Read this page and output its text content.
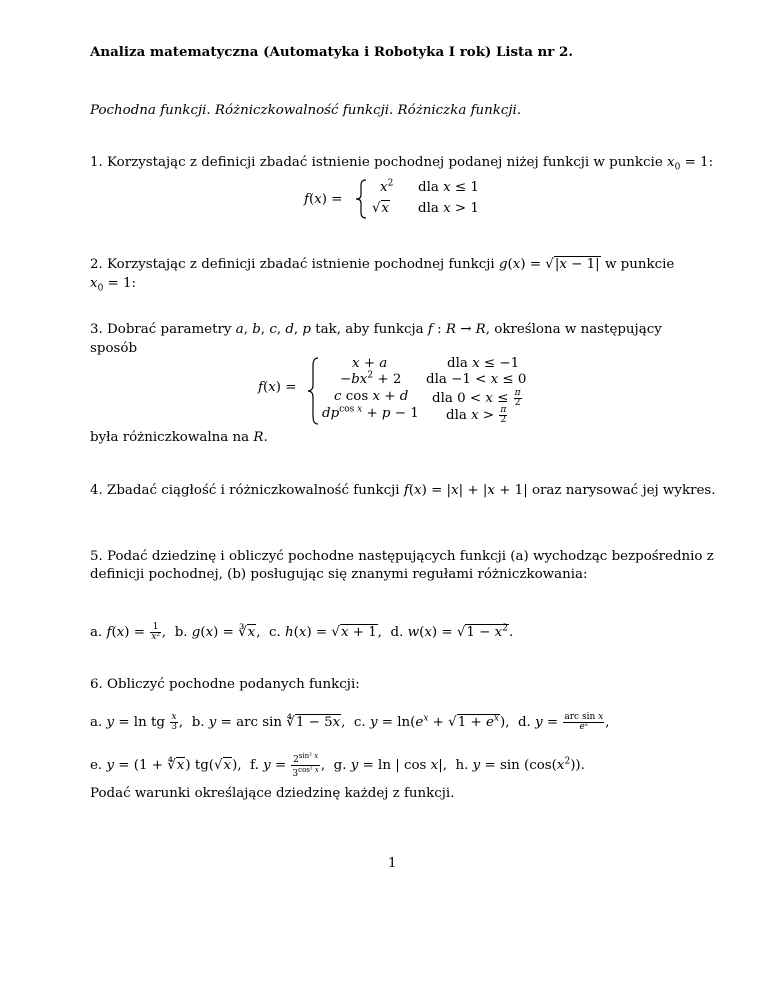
Analiza matematyczna (Automatyka i Robotyka I rok) Lista nr 2.
Pochodna funkcji. Różniczkowalność funkcji. Różniczka funkcji.
1. Korzystając z definicji zbadać istnienie pochodnej podanej niżej funkcji w punkcie $x_0 = 1$:
f(x) =
$x^2$ dla x ≤ 1
√x dla x > 1
2. Korzystając z definicji zbadać istnienie pochodnej funkcji g(x) = √|x − 1| w punkcie
$x_0 = 1$:
3. Dobrać parametry a, b, c, d, p tak, aby funkcja f : R → R, określona w następujący
sposób
f(x) =
x + a	dla x ≤ −1
$-bx^2 + 2$ dla −1 < x ≤ 0
c cos x + d dla $0 < x \le \frac{\pi}{2}$
$dp^{cos x} + p - 1$ dla $x > \frac{\pi}{2}$
była różniczkowalna na R.
4. Zbadać ciągłość i różniczkowalność funkcji f(x) = |x| + |x + 1| oraz narysować jej wykres.
5. Podać dziedzinę i obliczyć pochodne następujących funkcji (a) wychodząc bezpośrednio z
definicji pochodnej, (b) posługując się znanymi regułami różniczkowania:
a. $f(x) = \frac{1}{\text{x²}}$ ,  b. g(x) = ∛x,  c. h(x) = √x + 1,  d. $w(x) = √1 - x^2$.
6. Obliczyć pochodne podanych funkcji:
a. y = ln tg $\frac{x}{3}$ ,  b. y = arc sin ∜1 − 5x,  c. $y = \ln(e^x + √1 + e^x)$,  d. $y = \frac{\text{arc sin x}}{\text{eˣ}}$ ,
e. y = (1 + ∜x) tg(√x),  f. $y = \frac{2^{sin^2 x}}{3^{cos^2 x}}$ ,  g. y = ln | cos x|,  h. $y = \sin (\cos(x^2))$.
Podać warunki określające dziedzinę każdej z funkcji.
1
